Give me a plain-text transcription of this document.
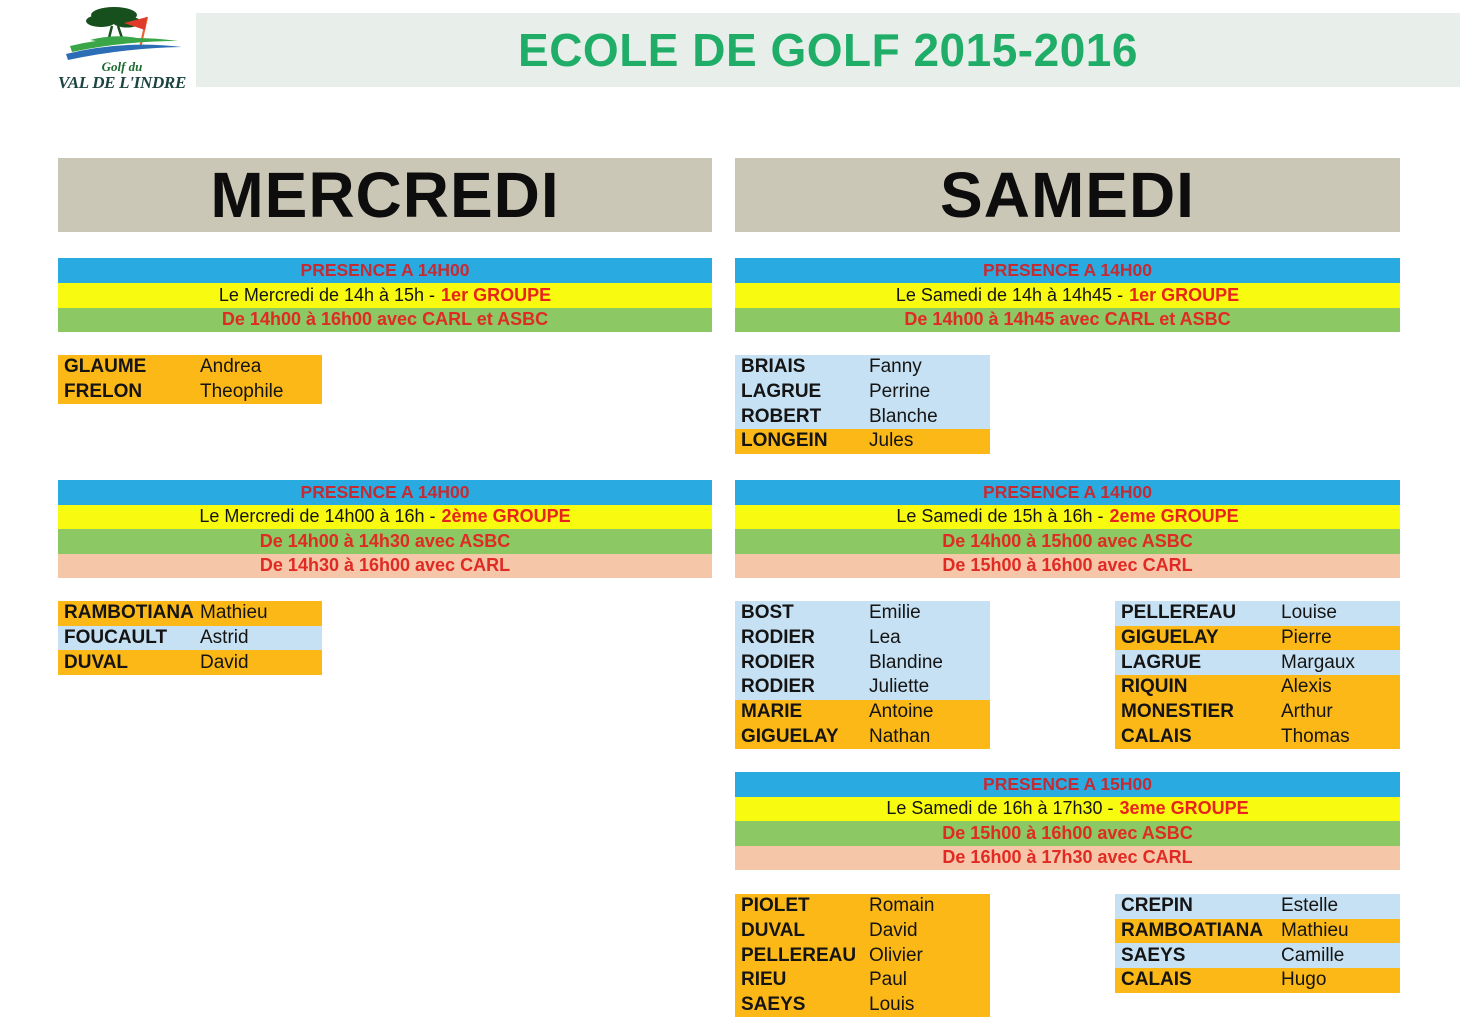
Golf du
VAL DE L'INDRE
ECOLE DE GOLF 2015-2016
MERCREDI	SAMEDI
PRESENCE A 14H00
Le Mercredi de 14h à 15h - 1er GROUPE
De 14h00 à 16h00 avec CARL et ASBC
GLAUME	Andrea
FRELON	Theophile
PRESENCE A 14H00
Le Mercredi de 14h00 à 16h - 2ème GROUPE
De 14h00 à 14h30 avec ASBC
De 14h30 à 16h00 avec CARL
RAMBOTIANA Mathieu
FOUCAULT	Astrid
DUVAL	David
PRESENCE A 14H00
Le Samedi de 14h à 14h45 - 1er GROUPE
De 14h00 à 14h45 avec CARL et ASBC
BRIAIS	Fanny
LAGRUE	Perrine
ROBERT	Blanche
LONGEIN	Jules
PRESENCE A 14H00
Le Samedi de 15h à 16h - 2eme GROUPE
De 14h00 à 15h00 avec ASBC
De 15h00 à 16h00 avec CARL
BOST	Emilie
RODIER	Lea
RODIER	Blandine
RODIER	Juliette
MARIE	Antoine
GIGUELAY	Nathan
PELLEREAU	Louise
GIGUELAY	Pierre
LAGRUE	Margaux
RIQUIN	Alexis
MONESTIER	Arthur
CALAIS	Thomas
PRESENCE A 15H00
Le Samedi de 16h à 17h30 - 3eme GROUPE
De 15h00 à 16h00 avec ASBC
De 16h00 à 17h30 avec CARL
PIOLET	Romain
DUVAL	David
PELLEREAU Olivier
RIEU	Paul
SAEYS	Louis
CREPIN	Estelle
RAMBOATIANA Mathieu
SAEYS	Camille
CALAIS	Hugo
